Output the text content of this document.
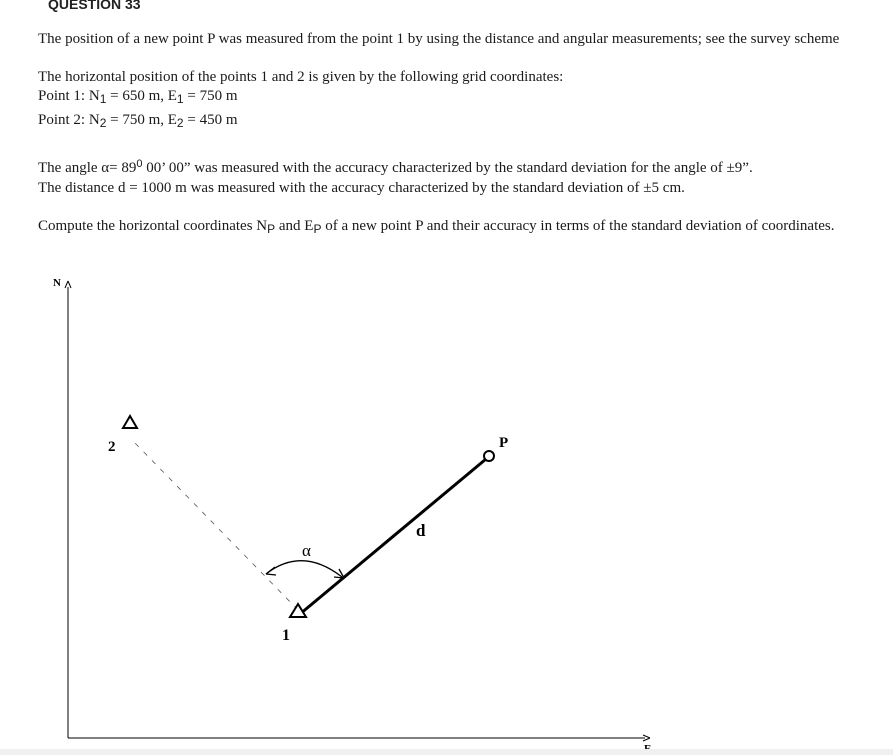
QUESTION 33
The position of a new point P was measured from the point 1 by using the distance and angular measurements; see the survey scheme
The horizontal position of the points 1 and 2 is given by the following grid coordinates:
Point 1: $N_1 = 650$ m, $E_1 = 750$ m
Point 2: $N_2 = 750$ m, $E_2 = 450$ m
The angle $\alpha= 89^0$ 00’ 00” was measured with the accuracy characterized by the standard deviation for the angle of ±9”.
The distance d = 1000 m was measured with the accuracy characterized by the standard deviation of ±5 cm.
Compute the horizontal coordinates $N_P$ and $E_P$ of a new point P and their accuracy in terms of the standard deviation of coordinates.
N
2
1
P
α
d
